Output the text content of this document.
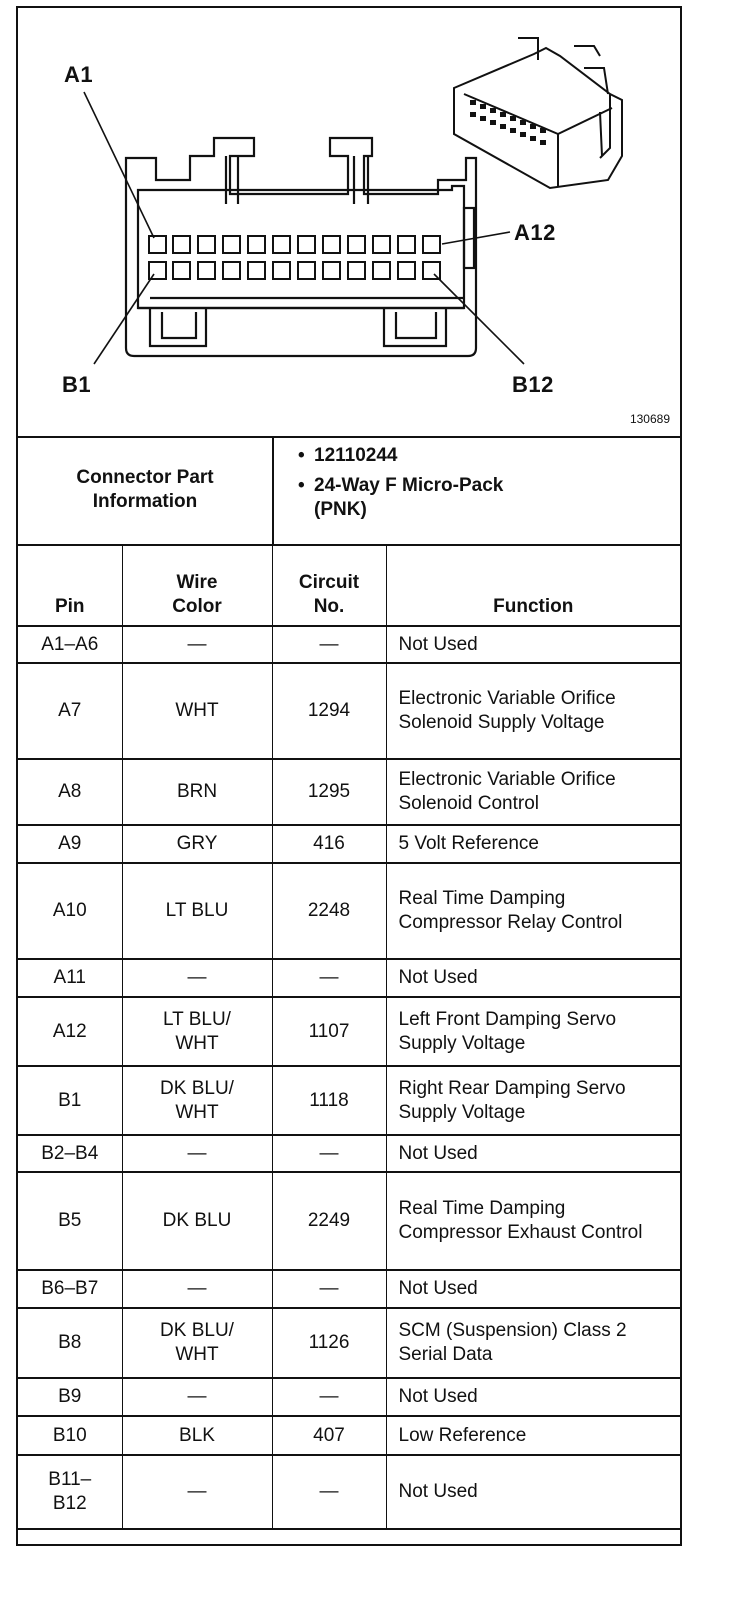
A1
A12
B1	B12
130689
Connector Part Information
• 12110244
• 24-Way F Micro-Pack (PNK)
Pin	Wire Color	Circuit No.	Function
A1–A6	—	—	Not Used
A7	WHT	1294	Electronic Variable Orifice Solenoid Supply Voltage
A8	BRN	1295	Electronic Variable Orifice Solenoid Control
A9	GRY	416	5 Volt Reference
A10	LT BLU	2248	Real Time Damping Compressor Relay Control
A11	—	—	Not Used
A12	LT BLU/ WHT	1107	Left Front Damping Servo Supply Voltage
B1	DK BLU/ WHT	1118	Right Rear Damping Servo Supply Voltage
B2–B4	—	—	Not Used
B5	DK BLU	2249	Real Time Damping Compressor Exhaust Control
B6–B7	—	—	Not Used
B8	DK BLU/ WHT	1126	SCM (Suspension) Class 2 Serial Data
B9	—	—	Not Used
B10	BLK	407	Low Reference
B11– B12	—	—	Not Used
